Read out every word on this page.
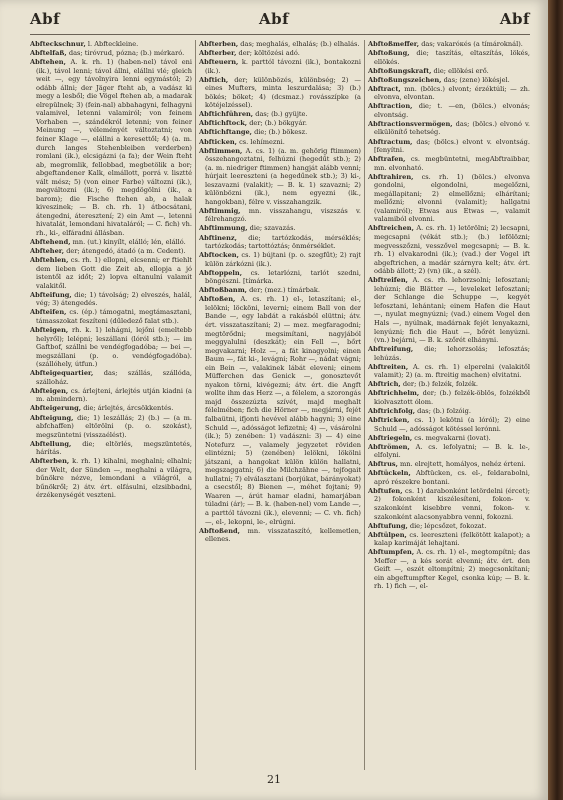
Abf	Abf	Abf
Abfteckschnur, l. Abfteckleine.
Abftelfaß, das; tiróvrud, pózna; (b.) mérkaró.
Abftehen, A. k. rh. 1) (haben-nel) távol eni (ik.), távol lenni; távol állni, elállni vlé; gleich weit —, egy távolnyira lenni egymástól; 2) odább állni; der Jäger fteht ab, a vadász ki megy a lesből; die Vögel ftehen ab, a madarak elrepülnek; 3) (fein-nal) abbahagyni, felhagyni valamivel, letenni valamiról; von feinem Vorhaben —, szándékról letenni; von feiner Meinung —, véleményét változtatni; von feiner Klage —, elállni a keresettől; 4) (a. m. durch langes Stehenbleiben verderben) romlani (ik.), elcsigázni (a fa); der Wein fteht ab, megromlik, fellobbad, megbetölik a bor; abgeftandener Kalk, elmállott, porrá v. lisztté vált mész; 5) (von einer Farbe) változni (ik.), megváltozni (ik.); 6) megdögölni (ik., a barom); die Fische ftehen ab, a halak kiveszinek; — B. ch. rh. 1) átbocsátani, átengedni, áteresztení; 2) ein Amt —, letenni hivatalát, lemondani hivataláról; — C. fich) vh. rh., ki-, elfáradni állásban.
Abftehend, mn. (ut.) kinyílt, elálló; lén, elálló.
Abfteher, der; átengedó, átadó (a m. Cedent).
Abftehlen, cs. rh. 1) ellopni, elcsenni; er ftiehlt dem lieben Gott die Zeit ab, ellopja a jó istentől az időt; 2) lopva eltanulni valamit valakitől.
Abfteifung, die; 1) távolság; 2) elveszés, halál, vég; 3) átengedés.
Abfteifen, cs. (ép.) támogatni, megtámasztani, támasszokat feszíteni (dűledező falat stb.).
Abfteigen, rh. k. 1) lehágni, lejőni (emeltebb helyről); lelépni; leszállani (lóról stb.); — im Gaftbof, szállni be vendégfogadóba; — bei —, megszállani (p. o. vendégfogadóba). (szállóhely, útfun.)
Abfteigequartier, das; szállás, szállóda, szálloház.
Abfteigen, cs. árlejteni, árlejtés utján kiadni (a m. abmindern).
Abfteigerung, die; árlejtés, árcsökkentés.
Abfteigung, die; 1) leszállás; 2) (b.) — (a m. abfchaffen) eltörölni (p. o. szokást), megszüntetni (visszaélést).
Abftellung, die; eltörlés, megszüntetés, hárítás.
Abfterben, k. rh. 1) kihalni, meghalni; elhalni; der Welt, der Sünden —, meghalni a világra, bűnökre nézve, lemondani a világról, a bűnökről; 2) átv. ért. elfásulni, elzsibbadni, érzékenységét veszteni.
Abfterben, das; meghalás, elhalás; (b.) elhalás.
Abfterber, der; költözési adó.
Abfteuern, k. parttól távozni (ik.), bontakozni (ik.).
Abftich, der; különbözés, különbség; 2) — eines Mufters, minta leszurdalása; 3) (b.) bökés; böket; 4) (dcsmaz.) rovásszípke (a kötéjelzéssel).
Abftichführen, das; (b.) gyüjte.
Abftichftock, der; (b.) bökgyár.
Abftichftange, die; (b.) bökesz.
Abfticken, cs. lehímezni.
Abftimmen, A. cs. 1) (a. m. gehörig ftimmen) összehangoztatni, felhúzni (hegedűt stb.); 2) (a. m. niedriger ftimmen) hangját alább venni; húrjait leereszteni (a hegedűnek stb.); 3) ki-, leszavazni (valakit); — B. k. 1) szavazni; 2) különbözni (ik.), nem egyezni (ik., hangokban), félre v. visszahangzik.
Abftimmig, mn. visszahangu, viszszás v. félrehangzó.
Abftimmung, die; szavazás.
Abftinenz, die; tartózkodás, mérséklés; tartózkodás; tartottóztás; önmérséklet.
Abftocken, cs. 1) bújtani (p. o. szegfűt); 2) rajt külön zárkózni (ik.).
Abftoppeln, cs. letarlózni, tarlót szedni, böngészni. [tímárka.
Abftoßbanm, der; (mez.) tímárbak.
Abftoßen, A. cs. rh. 1) el-, letaszítani; el-, lelökni; löcköni, leverni; einem Ball von der Bande —, egy labdát a rakásból elüttni; átv. ért. visszataszítani; 2) — mez. megfaragodni; megtörődni; megsimítani, nagyjából meggyalulni (deszkát); ein Fell —, bőrt megvakarni; Holz —, a fát kinagyolni; einen Baum —, fát ki-, levágni; Rohr —, nádat vágni; ein Bein —, valakinek lábát eleveni; einem Müfferchen das Genick —, gonosztevőt nyakon törni, kivégezni; átv. ért. die Angft wollte ihm das Herz —, a félelem, a szorongás majd összezúzta szívét, majd meghalt félelmében; fich die Hörner —, megjárni, fejét falbaütni, ifjonti hevével alább hagyni; 3) eine Schuld —, adósságot lefizetni; 4) —, vásárolni (ik.); 5) zenében: 1) vadászni: 3) — 4) eine Notefurz —, valamely jegyzetet röviden elintézni; 5) (zenében) lelökni, lökölni játszani, a hangokat külön külön hallatni, megszaggatni; 6) die Milchzähne —, tejfogait hullatni; 7) elválasztani (borjúkat, bárányokat) a csecstől; 8) Bienen —, méhet fojtani; 9) Waaren —, árút hamar eladni, hamarjában túladni (ár); — B. k. (haben-nel) vom Lande —, a parttól távozni (ik.), elevenni; — C. vh. fich) —, el-, lekopni, le-, elrúgni.
Abftoßend, mn. visszataszító, kellemetlen, ellenes.
Abftoßmeffer, das; vakaróкés (a tímároknál).
Abftoßung, die; taszítás, eltaszítás, lökés, ellökés.
Abftoßungskraft, die; ellökési erő.
Abftoßungszeichen, das; (zene) lökésjel.
Abftract, mn. (bölcs.) elvont; érzéktúli; — zh. elvonva, elvontan.
Abftraction, die; t. —en, (bölcs.) elvonás; elvontság.
Abftractionsvermögen, das; (bölcs.) elvonó v. elkülönítő tehetség.
Abftractum, das; (bölcs.) elvont v. elvontság. [fenyítni.
Abftrafen, cs. megbüntetni, megAbftraibbar, mn. elvonható.
Abftrahiren, cs. rh. 1) (bölcs.) elvonva gondolni, elgondolni, megelőzni, megállapitani; 2) elmellőzni; elhárítani; mellőzni; elvonni (valamit); hallgatni (valamiról); Etwas aus Etwas —, valamit valamiból elvonni.
Abftreichen, A. cs. rh. 1) letörölni; 2) lecsapni, megcsapni (vékát stb.); (b.) lefölözni; megvesszőzni, vesszővel megcsapni; — B. k. rh. 1) elvakarodni (ik.); (vad.) der Vogel ift abgeftrichen, a madár szárnyra kelt; átv. ért. odább állott; 2) (vn) (ik., a szél).
Abftreifen, A. cs. rh. lehorzsolni; lefosztani; lehúzni; die Blätter —, leveleket lefosztani; der Schlange die Schuppe —, kegyét lefosztani, lehántani; einem Hafen die Haut —, nyulat megnyúzni; (vad.) einem Vogel den Hals —, nyúlnak, madárnak fejét lenyakazni, lenyúzni; fich die Haut —, bőrét lenyúzni. (vn.) bejárni, — B. k. szőrét elhányni.
Abftreifung, die; lehorzsolás; lefosztás; lehúzás.
Abftreiten, A. cs. rh. 1) elperelni (valakitől valamit); 2) (a. m. ftreitig machen) elvitatni.
Abftrich, der; (b.) felzék, folzék.
Abftrichhelm, der; (b.) felzék-öblös, folzékből kiolvasztott ólom.
Abftrichfolg, das; (b.) folzóig.
Abftricken, cs. 1) lekötni (a lóról); 2) eine Schuld —, adósságot kötéssel lerónni.
Abftriegeln, cs. megvakarni (lovat).
Abftrömen, A. cs. lefolyatni; — B. k. le-, elfolyni.
Abftrus, mn. elrejtett, homályos, nehéz érteni.
Abftückeln, Abftücken, cs. el-, feldarabolni, apró részekre bontani.
Abftufen, cs. 1) darabonként letördelni (ércet); 2) fokonként kiszélesíteni, fokon- v. szakonként kisebbre venni, fokon- v. szakonként alacsonyabbra venni, fokozni.
Abftufung, die; lépcsőzet, fokozat.
Abftülpen, cs. leereszteni (felkötött kalapot); a kalap karimáját lehajtani.
Abftumpfen, A. cs. rh. 1) el-, megtompítni; das Meffer —, a kés sorát elvenni; átv. ért. den Geift —, eszét eltompítni; 2) megcsonkítani; ein abgeftumpfter Kegel, csonka kúp; — B. k. rh. 1) fich —, el-
21
